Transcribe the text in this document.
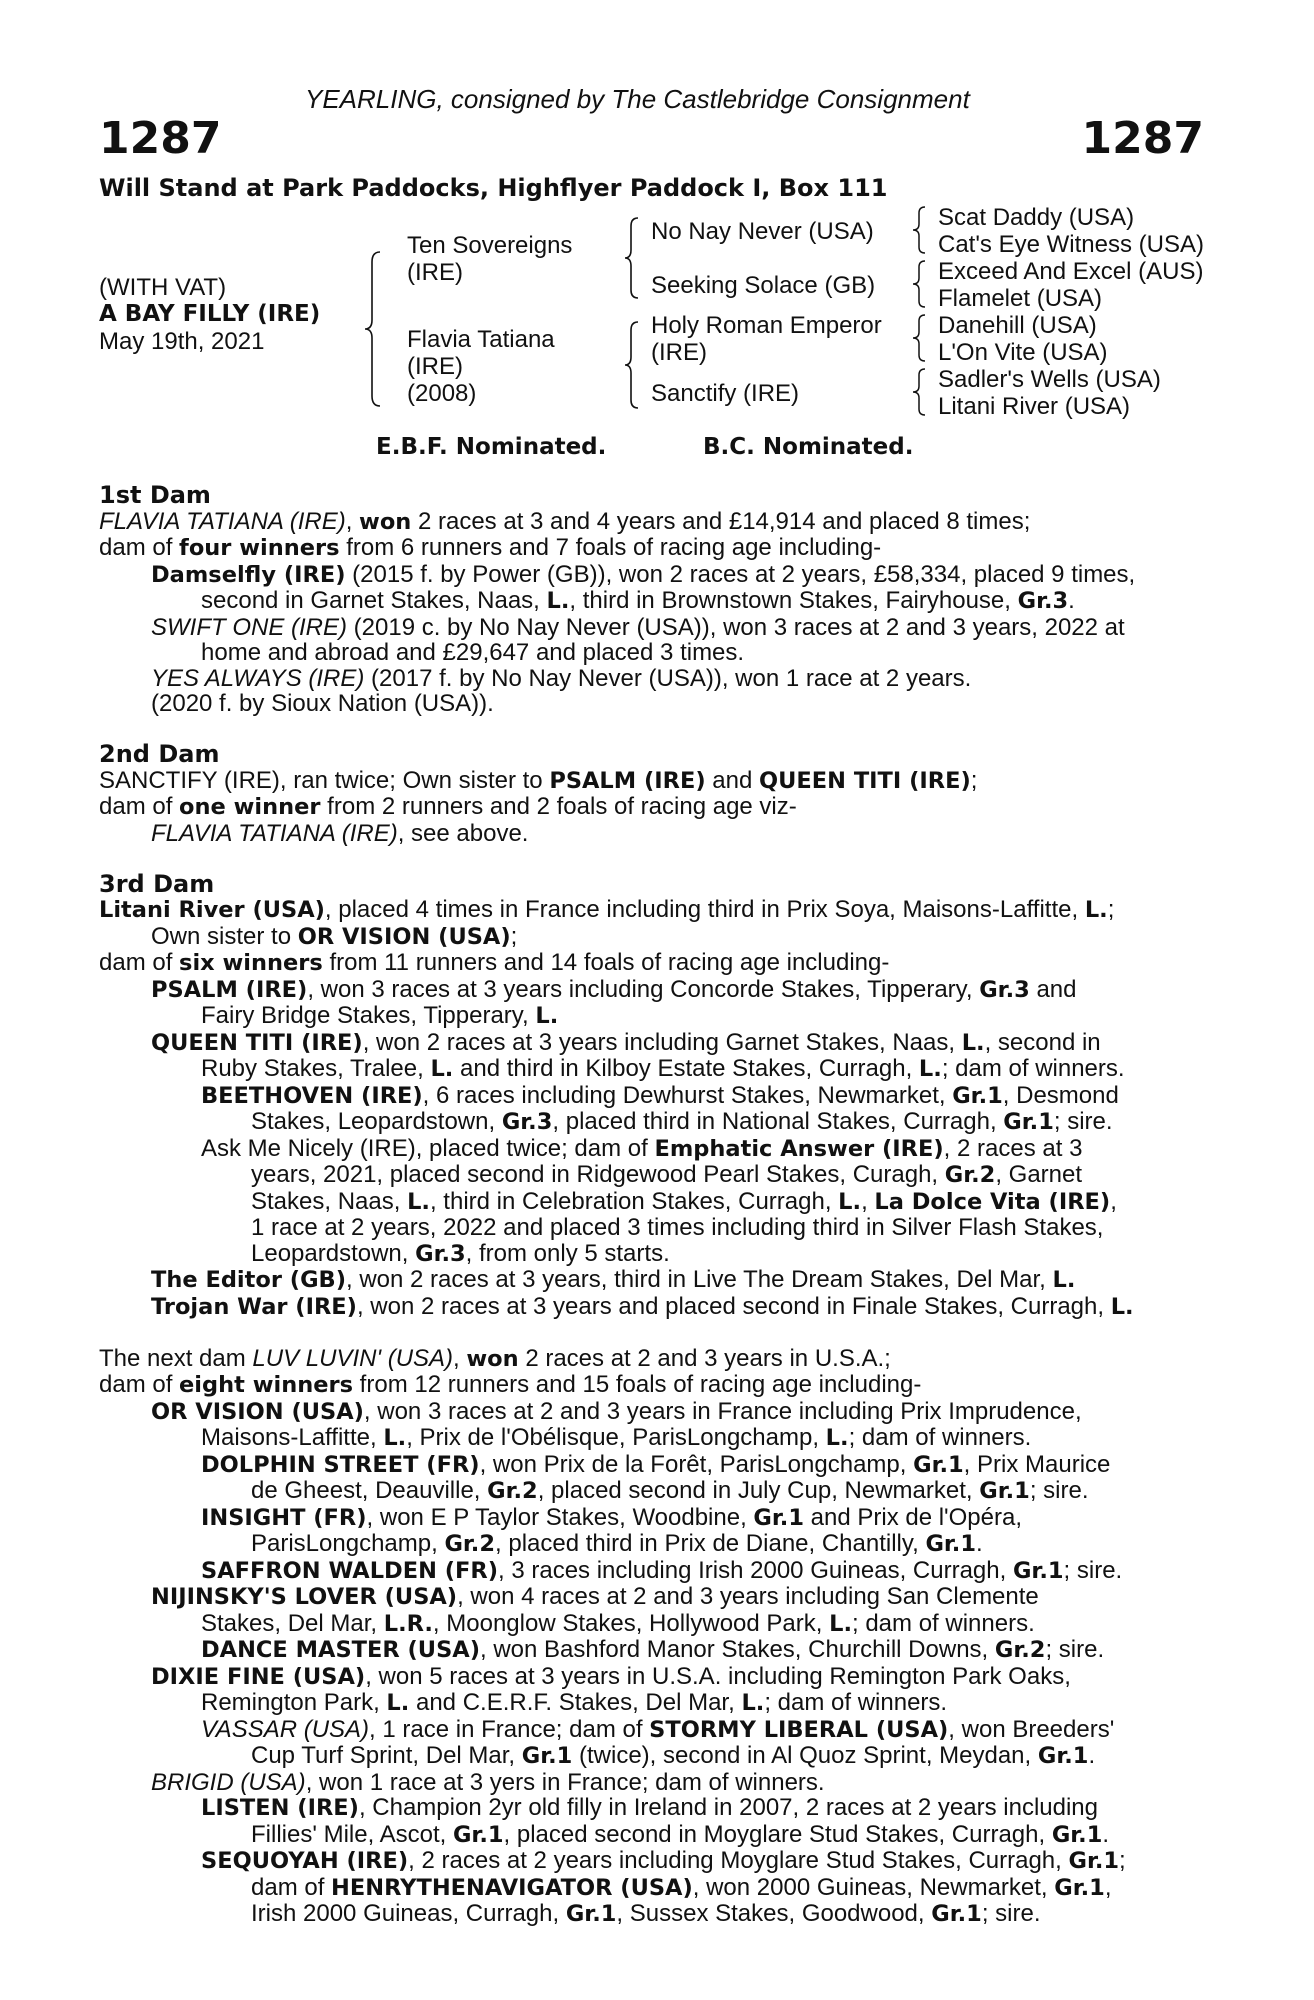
YEARLING, consigned by The Castlebridge Consignment
1287	1287
Will Stand at Park Paddocks, Highflyer Paddock I, Box 111
(WITH VAT)
A BAY FILLY (IRE)
May 19th, 2021
Ten Sovereigns
(IRE)
Flavia Tatiana
(IRE)
(2008)
No Nay Never (USA)
Seeking Solace (GB)
Holy Roman Emperor
(IRE)
Sanctify (IRE)
Scat Daddy (USA)
Cat's Eye Witness (USA)
Exceed And Excel (AUS)
Flamelet (USA)
Danehill (USA)
L'On Vite (USA)
Sadler's Wells (USA)
Litani River (USA)
E.B.F. Nominated.	B.C. Nominated.
1st Dam
FLAVIA TATIANA (IRE), won 2 races at 3 and 4 years and £14,914 and placed 8 times;
dam of four winners from 6 runners and 7 foals of racing age including-
Damselfly (IRE) (2015 f. by Power (GB)), won 2 races at 2 years, £58,334, placed 9 times,
second in Garnet Stakes, Naas, L., third in Brownstown Stakes, Fairyhouse, Gr.3.
SWIFT ONE (IRE) (2019 c. by No Nay Never (USA)), won 3 races at 2 and 3 years, 2022 at
home and abroad and £29,647 and placed 3 times.
YES ALWAYS (IRE) (2017 f. by No Nay Never (USA)), won 1 race at 2 years.
(2020 f. by Sioux Nation (USA)).
2nd Dam
SANCTIFY (IRE), ran twice; Own sister to PSALM (IRE) and QUEEN TITI (IRE);
dam of one winner from 2 runners and 2 foals of racing age viz-
FLAVIA TATIANA (IRE), see above.
3rd Dam
Litani River (USA), placed 4 times in France including third in Prix Soya, Maisons-Laffitte, L.;
Own sister to OR VISION (USA);
dam of six winners from 11 runners and 14 foals of racing age including-
PSALM (IRE), won 3 races at 3 years including Concorde Stakes, Tipperary, Gr.3 and
Fairy Bridge Stakes, Tipperary, L.
QUEEN TITI (IRE), won 2 races at 3 years including Garnet Stakes, Naas, L., second in
Ruby Stakes, Tralee, L. and third in Kilboy Estate Stakes, Curragh, L.; dam of winners.
BEETHOVEN (IRE), 6 races including Dewhurst Stakes, Newmarket, Gr.1, Desmond
Stakes, Leopardstown, Gr.3, placed third in National Stakes, Curragh, Gr.1; sire.
Ask Me Nicely (IRE), placed twice; dam of Emphatic Answer (IRE), 2 races at 3
years, 2021, placed second in Ridgewood Pearl Stakes, Curagh, Gr.2, Garnet
Stakes, Naas, L., third in Celebration Stakes, Curragh, L., La Dolce Vita (IRE),
1 race at 2 years, 2022 and placed 3 times including third in Silver Flash Stakes,
Leopardstown, Gr.3, from only 5 starts.
The Editor (GB), won 2 races at 3 years, third in Live The Dream Stakes, Del Mar, L.
Trojan War (IRE), won 2 races at 3 years and placed second in Finale Stakes, Curragh, L.
The next dam LUV LUVIN' (USA), won 2 races at 2 and 3 years in U.S.A.;
dam of eight winners from 12 runners and 15 foals of racing age including-
OR VISION (USA), won 3 races at 2 and 3 years in France including Prix Imprudence,
Maisons-Laffitte, L., Prix de l'Obélisque, ParisLongchamp, L.; dam of winners.
DOLPHIN STREET (FR), won Prix de la Forêt, ParisLongchamp, Gr.1, Prix Maurice
de Gheest, Deauville, Gr.2, placed second in July Cup, Newmarket, Gr.1; sire.
INSIGHT (FR), won E P Taylor Stakes, Woodbine, Gr.1 and Prix de l'Opéra,
ParisLongchamp, Gr.2, placed third in Prix de Diane, Chantilly, Gr.1.
SAFFRON WALDEN (FR), 3 races including Irish 2000 Guineas, Curragh, Gr.1; sire.
NIJINSKY'S LOVER (USA), won 4 races at 2 and 3 years including San Clemente
Stakes, Del Mar, L.R., Moonglow Stakes, Hollywood Park, L.; dam of winners.
DANCE MASTER (USA), won Bashford Manor Stakes, Churchill Downs, Gr.2; sire.
DIXIE FINE (USA), won 5 races at 3 years in U.S.A. including Remington Park Oaks,
Remington Park, L. and C.E.R.F. Stakes, Del Mar, L.; dam of winners.
VASSAR (USA), 1 race in France; dam of STORMY LIBERAL (USA), won Breeders'
Cup Turf Sprint, Del Mar, Gr.1 (twice), second in Al Quoz Sprint, Meydan, Gr.1.
BRIGID (USA), won 1 race at 3 yers in France; dam of winners.
LISTEN (IRE), Champion 2yr old filly in Ireland in 2007, 2 races at 2 years including
Fillies' Mile, Ascot, Gr.1, placed second in Moyglare Stud Stakes, Curragh, Gr.1.
SEQUOYAH (IRE), 2 races at 2 years including Moyglare Stud Stakes, Curragh, Gr.1;
dam of HENRYTHENAVIGATOR (USA), won 2000 Guineas, Newmarket, Gr.1,
Irish 2000 Guineas, Curragh, Gr.1, Sussex Stakes, Goodwood, Gr.1; sire.
